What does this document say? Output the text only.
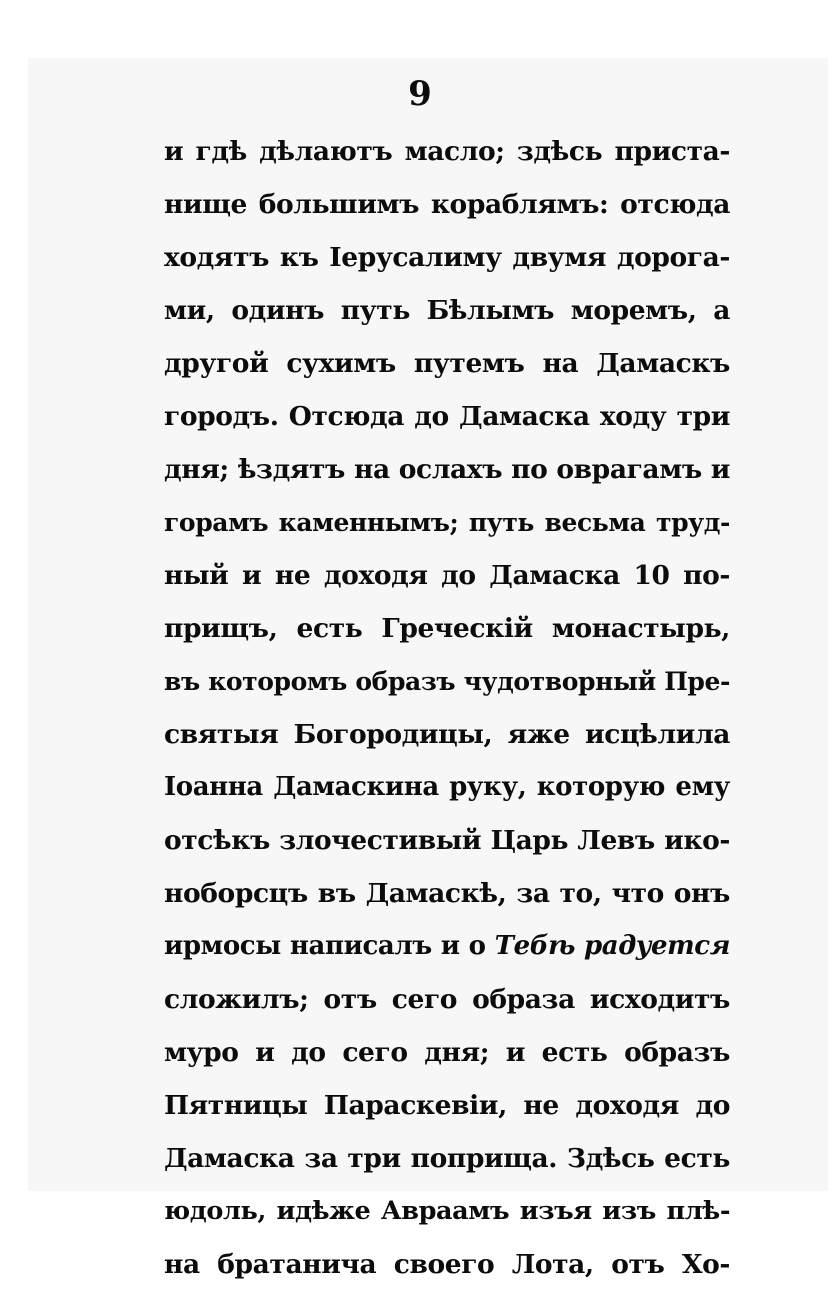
9
и гдѣ дѣлаютъ масло; здѣсь приста-
нище большимъ кораблямъ: отсюда
ходятъ къ Іерусалиму двумя дорога-
ми, одинъ путь Бѣлымъ моремъ, а
другой сухимъ путемъ на Дамаскъ
городъ. Отсюда до Дамаска ходу три
дня; ѣздятъ на ослахъ по оврагамъ и
горамъ каменнымъ; путь весьма труд-
ный и не доходя до Дамаска 10 по-
прищъ, есть Греческій монастырь,
въ которомъ образъ чудотворный Пре-
святыя Богородицы, яже исцѣлила
Іоанна Дамаскина руку, которую ему
отсѣкъ злочестивый Царь Левъ ико-
ноборсцъ въ Дамаскѣ, за то, что онъ
ирмосы написалъ и о Тебѣ радуется
сложилъ; отъ сего образа исходитъ
муро и до сего дня; и есть образъ
Пятницы Параскевіи, не доходя до
Дамаска за три поприща. Здѣсь есть
юдоль, идѣже Авраамъ изъя изъ плѣ-
на братанича своего Лота, отъ Хо-
